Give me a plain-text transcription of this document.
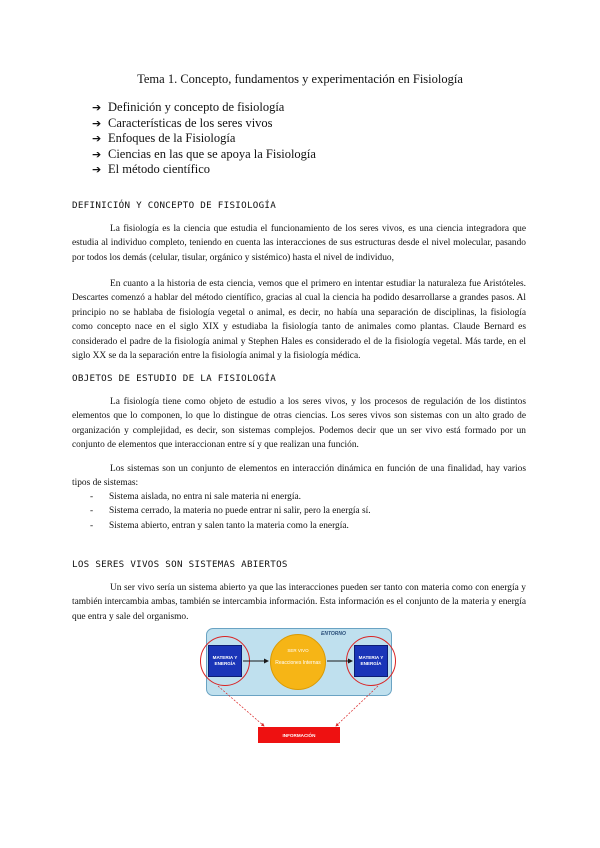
Tema 1. Concepto, fundamentos y experimentación en Fisiología
➔ Definición y concepto de fisiología
➔ Características de los seres vivos
➔ Enfoques de la Fisiología
➔ Ciencias en las que se apoya la Fisiología
➔ El método científico
DEFINICIÓN Y CONCEPTO DE FISIOLOGÍA

La fisiología es la ciencia que estudia el funcionamiento de los seres vivos, es una ciencia integradora que estudia al individuo completo, teniendo en cuenta las interacciones de sus estructuras desde el nivel molecular, pasando por todos los demás (celular, tisular, orgánico y sistémico) hasta el nivel de individuo,

En cuanto a la historia de esta ciencia, vemos que el primero en intentar estudiar la naturaleza fue Aristóteles. Descartes comenzó a hablar del método científico, gracias al cual la ciencia ha podido desarrollarse a grandes pasos. Al principio no se hablaba de fisiología vegetal o animal, es decir, no había una separación de disciplinas, la fisiología como concepto nace en el siglo XIX y estudiaba la fisiología tanto de animales como plantas. Claude Bernard es considerado el padre de la fisiología animal y Stephen Hales es considerado el de la fisiología vegetal. Más tarde, en el siglo XX se da la separación entre la fisiología animal y la fisiología médica.

OBJETOS DE ESTUDIO DE LA FISIOLOGÍA

La fisiología tiene como objeto de estudio a los seres vivos, y los procesos de regulación de los distintos elementos que lo componen, lo que lo distingue de otras ciencias. Los seres vivos son sistemas con un alto grado de organización y complejidad, es decir, son sistemas complejos. Podemos decir que un ser vivo está formado por un conjunto de elementos que interaccionan entre sí y que realizan una función.

Los sistemas son un conjunto de elementos en interacción dinámica en función de una finalidad, hay varios tipos de sistemas:

- Sistema aislada, no entra ni sale materia ni energía.
- Sistema cerrado, la materia no puede entrar ni salir, pero la energía sí.
- Sistema abierto, entran y salen tanto la materia como la energía.
LOS SERES VIVOS SON SISTEMAS ABIERTOS

Un ser vivo sería un sistema abierto ya que las interacciones pueden ser tanto con materia como con energía y también intercambia ambas, también se intercambia información. Esta información es el conjunto de la materia y energía que entra y sale del organismo.

ENTORNO
MATERIA Y ENERGÍA
MATERIA Y ENERGÍA
SER VIVO
Reacciones Internas
INFORMACIÓN
